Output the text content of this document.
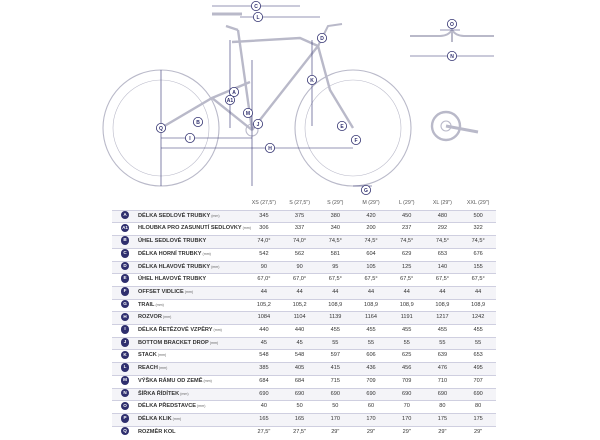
C
L
D
K
A
A1
M
J
B
Q
I
H
E
F
G
O
N
		XS (27,5")	S (27,5")	S (29")	M (29")	L (29")	XL (29")	XXL (29")
A	DÉLKA SEDLOVÉ TRUBKY(mm)	345	375	380	420	450	480	500
A1	HLOUBKA PRO ZASUNUTÍ SEDLOVKY(mm)	306	337	340	200	237	292	322
B	ÚHEL SEDLOVÉ TRUBKY	74,0°	74,0°	74,5°	74,5°	74,5°	74,5°	74,5°
C	DÉLKA HORNÍ TRUBKY(mm)	542	562	581	604	629	653	676
D	DÉLKA HLAVOVÉ TRUBKY(mm)	90	90	95	105	125	140	155
E	ÚHEL HLAVOVÉ TRUBKY	67,0°	67,0°	67,5°	67,5°	67,5°	67,5°	67,5°
F	OFFSET VIDLICE(mm)	44	44	44	44	44	44	44
G	TRAIL(mm)	105,2	105,2	108,9	108,9	108,9	108,9	108,9
H	ROZVOR(mm)	1084	1104	1139	1164	1191	1217	1242
I	DÉLKA ŘETĚZOVÉ VZPĚRY(mm)	440	440	455	455	455	455	455
J	BOTTOM BRACKET DROP(mm)	45	45	55	55	55	55	55
K	STACK(mm)	548	548	597	606	625	639	653
L	REACH(mm)	385	405	415	436	456	476	495
M	VÝŠKA RÁMU OD ZEMĚ(mm)	684	684	715	709	709	710	707
N	ŠÍŘKA ŘÍDÍTEK(mm)	690	690	690	690	690	690	690
O	DÉLKA PŘEDSTAVCE(mm)	40	50	50	60	70	80	80
P	DÉLKA KLIK(mm)	165	165	170	170	170	175	175
Q	ROZMĚR KOL	27,5"	27,5"	29"	29"	29"	29"	29"
